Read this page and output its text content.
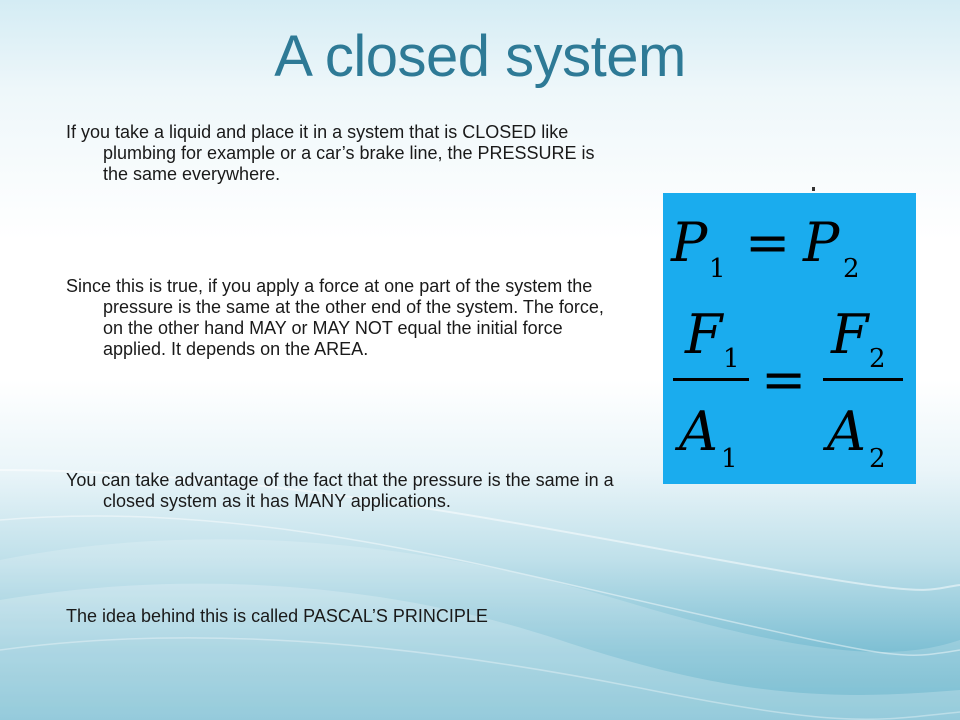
A closed system

If you take a liquid and place it in a system that is CLOSED like plumbing for example or a car’s brake line, the PRESSURE is the same everywhere.

Since this is true, if you apply a force at one part of the system the pressure is the same at the other end of the system. The force, on the other hand MAY or MAY NOT equal the initial force applied. It depends on the AREA.

You can take advantage of the fact that the pressure is the same in a closed system as it has MANY applications.

The idea behind this is called PASCAL’S PRINCIPLE

P 1 = P 2
F 1
A 1
=
F 2
A 2
